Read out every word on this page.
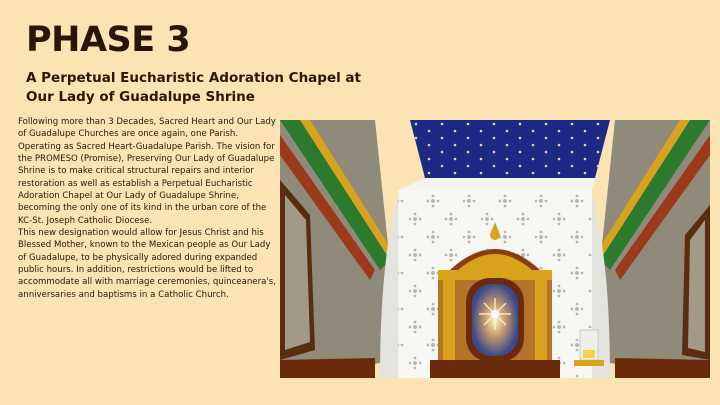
PHASE 3
A Perpetual Eucharistic Adoration Chapel at Our Lady of Guadalupe Shrine

Following more than 3 Decades, Sacred Heart and Our Lady of Guadalupe Churches are once again, one Parish. Operating as Sacred Heart-Guadalupe Parish. The vision for the PROMESO (Promise), Preserving Our Lady of Guadalupe Shrine is to make critical structural repairs and interior restoration as well as establish a Perpetual Eucharistic Adoration Chapel at Our Lady of Guadalupe Shrine, becoming the only one of its kind in the urban core of the KC-St. Joseph Catholic Diocese.

This new designation would allow for Jesus Christ and his Blessed Mother, known to the Mexican people as Our Lady of Guadalupe, to be physically adored during expanded public hours. In addition, restrictions would be lifted to accommodate all with marriage ceremonies, quinceanera's, anniversaries and baptisms in a Catholic Church.
